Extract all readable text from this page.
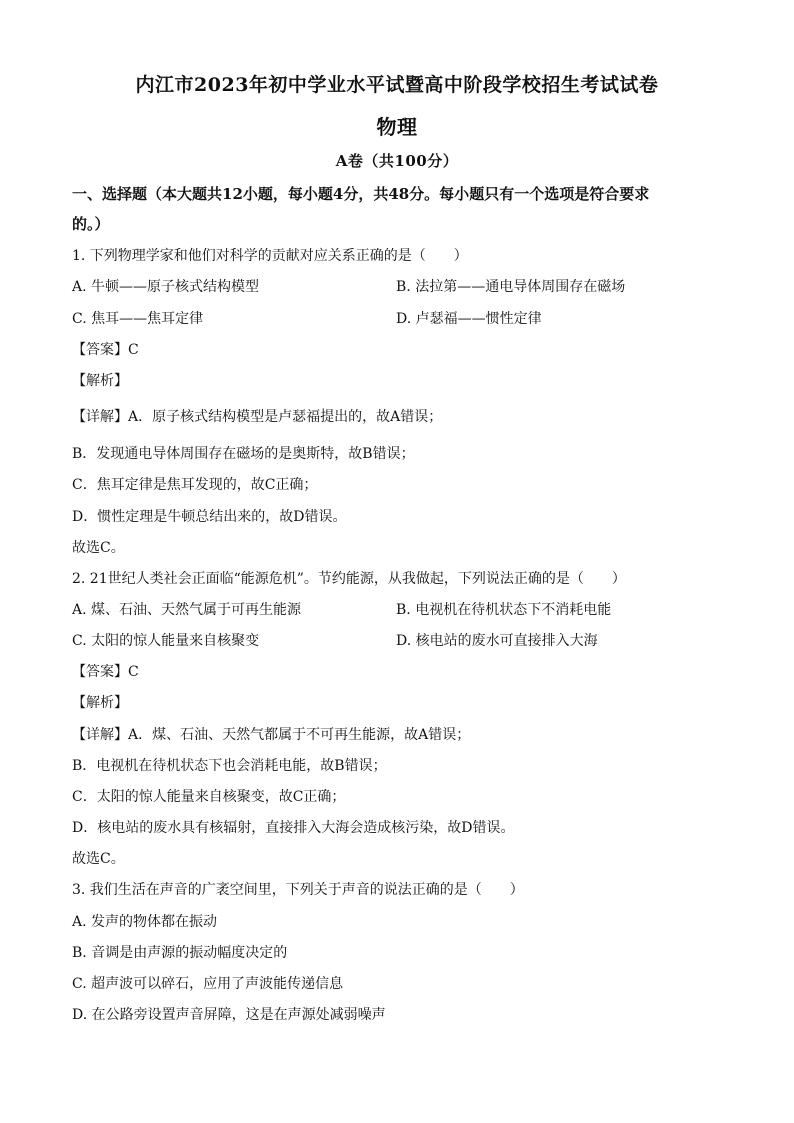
内江市2023年初中学业水平试暨高中阶段学校招生考试试卷
物理
A卷（共100分）
一、选择题（本大题共12小题，每小题4分，共48分。每小题只有一个选项是符合要求
的。）
1. 下列物理学家和他们对科学的贡献对应关系正确的是（　　）
A. 牛顿——原子核式结构模型	B. 法拉第——通电导体周围存在磁场
C. 焦耳——焦耳定律	D. 卢瑟福——惯性定律
【答案】C
【解析】
【详解】A．原子核式结构模型是卢瑟福提出的，故A错误；
B．发现通电导体周围存在磁场的是奥斯特，故B错误；
C．焦耳定律是焦耳发现的，故C正确；
D．惯性定理是牛顿总结出来的，故D错误。
故选C。
2. 21世纪人类社会正面临“能源危机”。节约能源，从我做起，下列说法正确的是（　　）
A. 煤、石油、天然气属于可再生能源	B. 电视机在待机状态下不消耗电能
C. 太阳的惊人能量来自核聚变	D. 核电站的废水可直接排入大海
【答案】C
【解析】
【详解】A．煤、石油、天然气都属于不可再生能源，故A错误；
B．电视机在待机状态下也会消耗电能，故B错误；
C．太阳的惊人能量来自核聚变，故C正确；
D．核电站的废水具有核辐射，直接排入大海会造成核污染，故D错误。
故选C。
3. 我们生活在声音的广袤空间里，下列关于声音的说法正确的是（　　）
A. 发声的物体都在振动
B. 音调是由声源的振动幅度决定的
C. 超声波可以碎石，应用了声波能传递信息
D. 在公路旁设置声音屏障，这是在声源处减弱噪声
